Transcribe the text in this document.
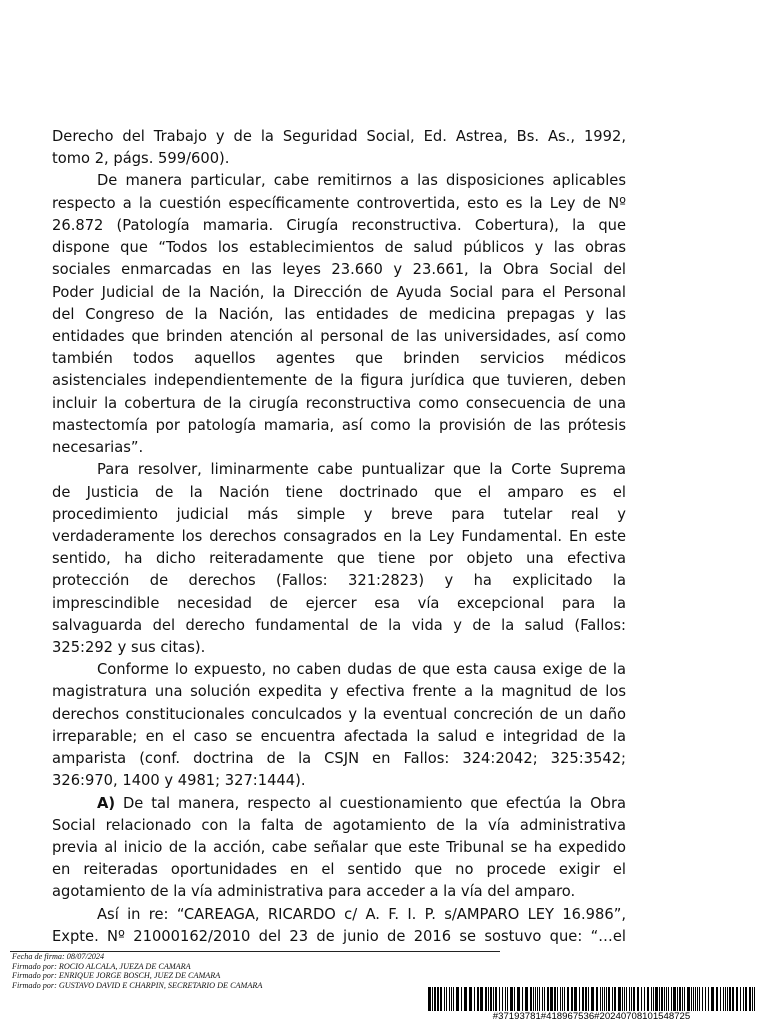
Derecho del Trabajo y de la Seguridad Social, Ed. Astrea, Bs. As., 1992,
tomo 2, págs. 599/600).
De manera particular, cabe remitirnos a las disposiciones aplicables
respecto a la cuestión específicamente controvertida, esto es la Ley de Nº
26.872 (Patología mamaria. Cirugía reconstructiva. Cobertura), la que
dispone que “Todos los establecimientos de salud públicos y las obras
sociales enmarcadas en las leyes 23.660 y 23.661, la Obra Social del
Poder Judicial de la Nación, la Dirección de Ayuda Social para el Personal
del Congreso de la Nación, las entidades de medicina prepagas y las
entidades que brinden atención al personal de las universidades, así como
también todos aquellos agentes que brinden servicios médicos
asistenciales independientemente de la figura jurídica que tuvieren, deben
incluir la cobertura de la cirugía reconstructiva como consecuencia de una
mastectomía por patología mamaria, así como la provisión de las prótesis
necesarias”.
Para resolver, liminarmente cabe puntualizar que la Corte Suprema
de Justicia de la Nación tiene doctrinado que el amparo es el
procedimiento judicial más simple y breve para tutelar real y
verdaderamente los derechos consagrados en la Ley Fundamental. En este
sentido, ha dicho reiteradamente que tiene por objeto una efectiva
protección de derechos (Fallos: 321:2823) y ha explicitado la
imprescindible necesidad de ejercer esa vía excepcional para la
salvaguarda del derecho fundamental de la vida y de la salud (Fallos:
325:292 y sus citas).
Conforme lo expuesto, no caben dudas de que esta causa exige de la
magistratura una solución expedita y efectiva frente a la magnitud de los
derechos constitucionales conculcados y la eventual concreción de un daño
irreparable; en el caso se encuentra afectada la salud e integridad de la
amparista (conf. doctrina de la CSJN en Fallos: 324:2042; 325:3542;
326:970, 1400 y 4981; 327:1444).
A) De tal manera, respecto al cuestionamiento que efectúa la Obra
Social relacionado con la falta de agotamiento de la vía administrativa
previa al inicio de la acción, cabe señalar que este Tribunal se ha expedido
en reiteradas oportunidades en el sentido que no procede exigir el
agotamiento de la vía administrativa para acceder a la vía del amparo.
Así in re: “CAREAGA, RICARDO c/ A. F. I. P. s/AMPARO LEY 16.986”,
Expte. Nº 21000162/2010 del 23 de junio de 2016 se sostuvo que: “…el
Fecha de firma: 08/07/2024
Firmado por: ROCIO ALCALA, JUEZA DE CAMARA
Firmado por: ENRIQUE JORGE BOSCH, JUEZ DE CAMARA
Firmado por: GUSTAVO DAVID E CHARPIN, SECRETARIO DE CAMARA
#37193781#418967536#20240708101548725
